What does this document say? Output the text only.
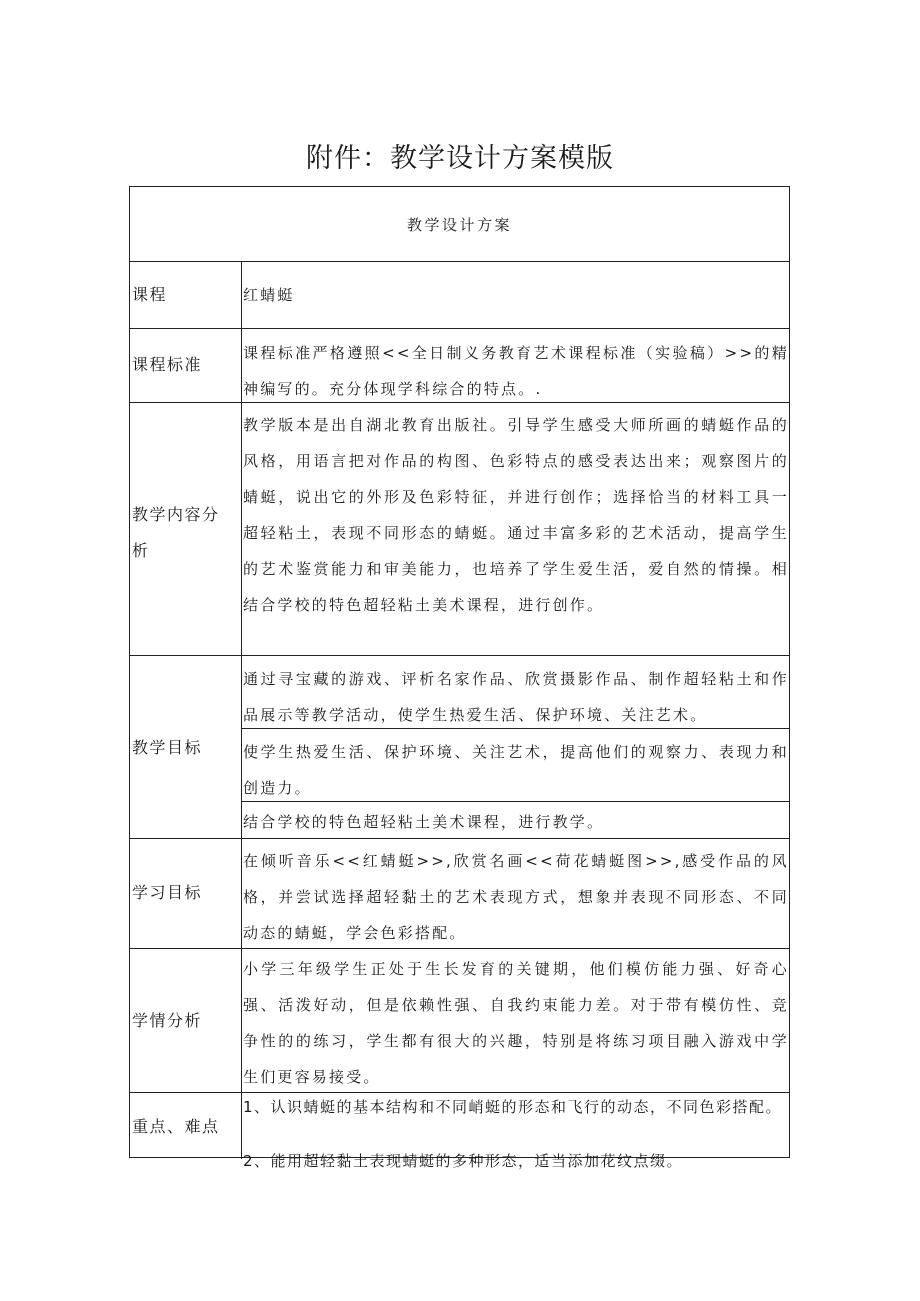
附件：教学设计方案模版
教学设计方案
课程	红蜻蜓
课程标准
课程标准严格遵照<<全日制义务教育艺术课程标准（实验稿）>>的精神编写的。充分体现学科综合的特点。.
教学内容分析
教学版本是出自湖北教育出版社。引导学生感受大师所画的蜻蜓作品的风格，用语言把对作品的构图、色彩特点的感受表达出来；观察图片的蜻蜓，说出它的外形及色彩特征，并进行创作；选择恰当的材料工具一超轻粘土，表现不同形态的蜻蜓。通过丰富多彩的艺术活动，提高学生的艺术鉴赏能力和审美能力，也培养了学生爱生活，爱自然的情操。相结合学校的特色超轻粘土美术课程，进行创作。
教学目标
通过寻宝藏的游戏、评析名家作品、欣赏摄影作品、制作超轻粘土和作品展示等教学活动，使学生热爱生活、保护环境、关注艺术。
使学生热爱生活、保护环境、关注艺术，提高他们的观察力、表现力和创造力。
结合学校的特色超轻粘土美术课程，进行教学。
学习目标
在倾听音乐<<红蜻蜓>>,欣赏名画<<荷花蜻蜓图>>,感受作品的风格，并尝试选择超轻黏土的艺术表现方式，想象并表现不同形态、不同动态的蜻蜓，学会色彩搭配。
学情分析
小学三年级学生正处于生长发育的关键期，他们模仿能力强、好奇心强、活泼好动，但是依赖性强、自我约束能力差。对于带有模仿性、竞争性的的练习，学生都有很大的兴趣，特别是将练习项目融入游戏中学生们更容易接受。
重点、难点
1、认识蜻蜓的基本结构和不同峭蜓的形态和飞行的动态，不同色彩搭配。
2、能用超轻黏土表现蜻蜓的多种形态，适当添加花纹点缀。
